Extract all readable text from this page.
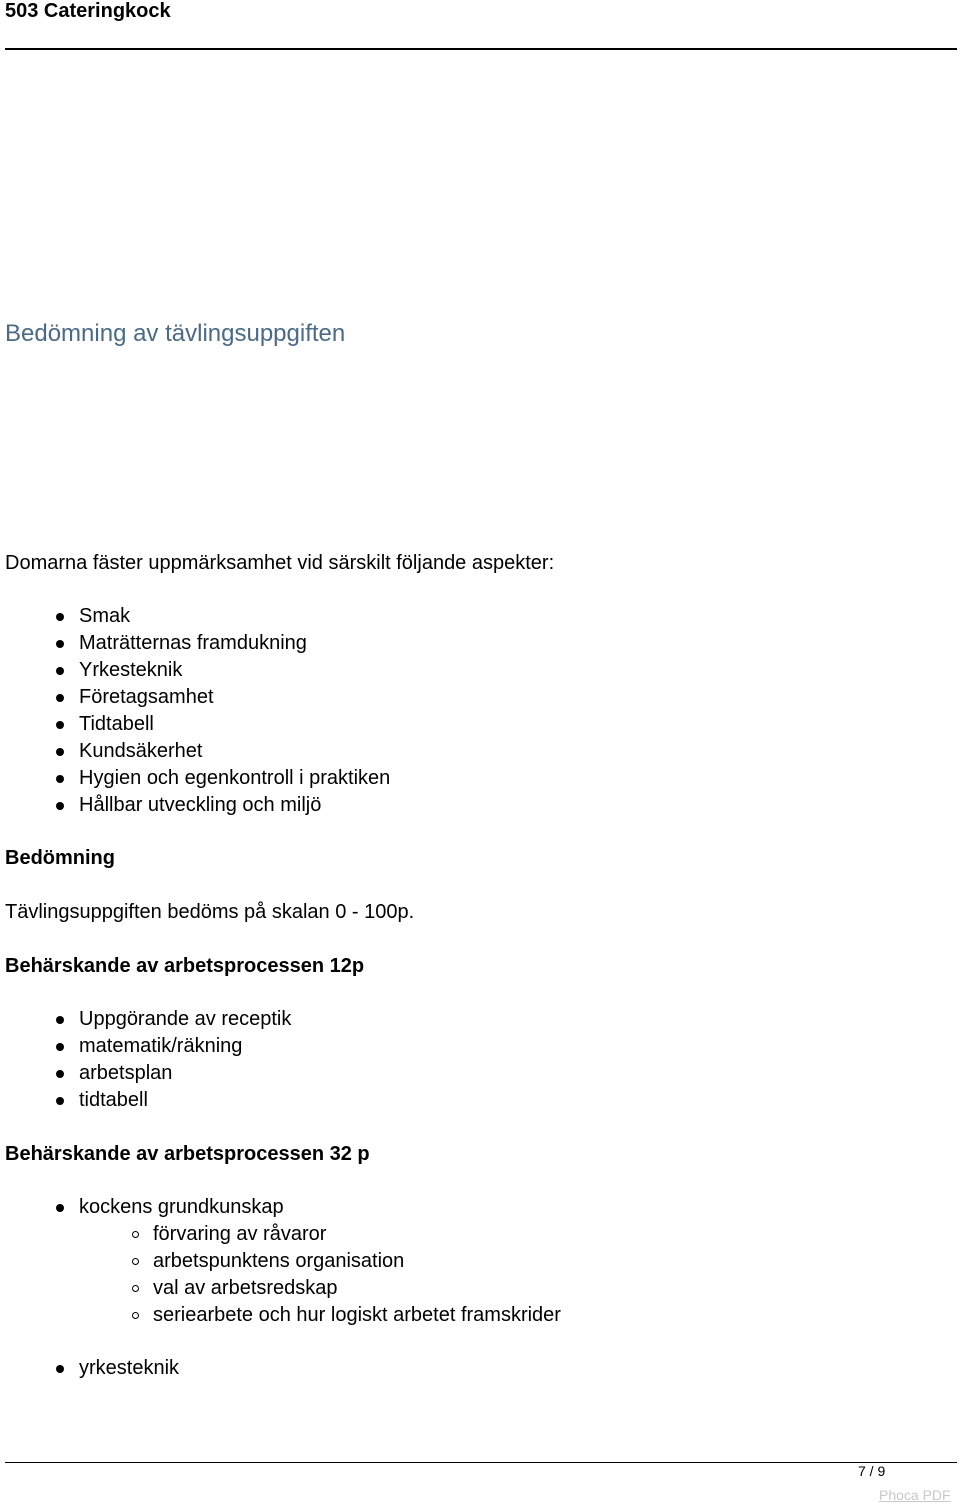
503 Cateringkock
Bedömning av tävlingsuppgiften
Domarna fäster uppmärksamhet vid särskilt följande aspekter:
Smak
Maträtternas framdukning
Yrkesteknik
Företagsamhet
Tidtabell
Kundsäkerhet
Hygien och egenkontroll i praktiken
Hållbar utveckling och miljö
Bedömning
Tävlingsuppgiften bedöms på skalan 0 - 100p.
Behärskande av arbetsprocessen 12p
Uppgörande av receptik
matematik/räkning
arbetsplan
tidtabell
Behärskande av arbetsprocessen 32 p
kockens grundkunskap
förvaring av råvaror
arbetspunktens organisation
val av arbetsredskap
seriearbete och hur logiskt arbetet framskrider
yrkesteknik
7 / 9
Phoca PDF
